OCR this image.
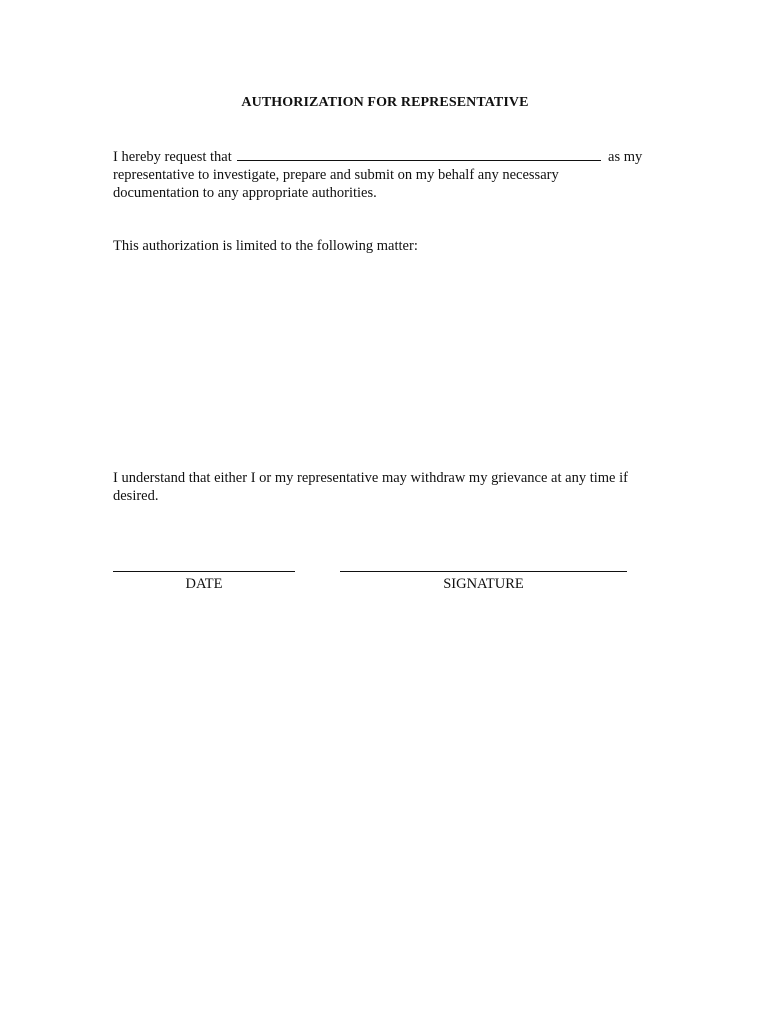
AUTHORIZATION FOR REPRESENTATIVE
I hereby request that	as my
representative to investigate, prepare and submit on my behalf any necessary
documentation to any appropriate authorities.
This authorization is limited to the following matter:
I understand that either I or my representative may withdraw my grievance at any time if
desired.
DATE	SIGNATURE
